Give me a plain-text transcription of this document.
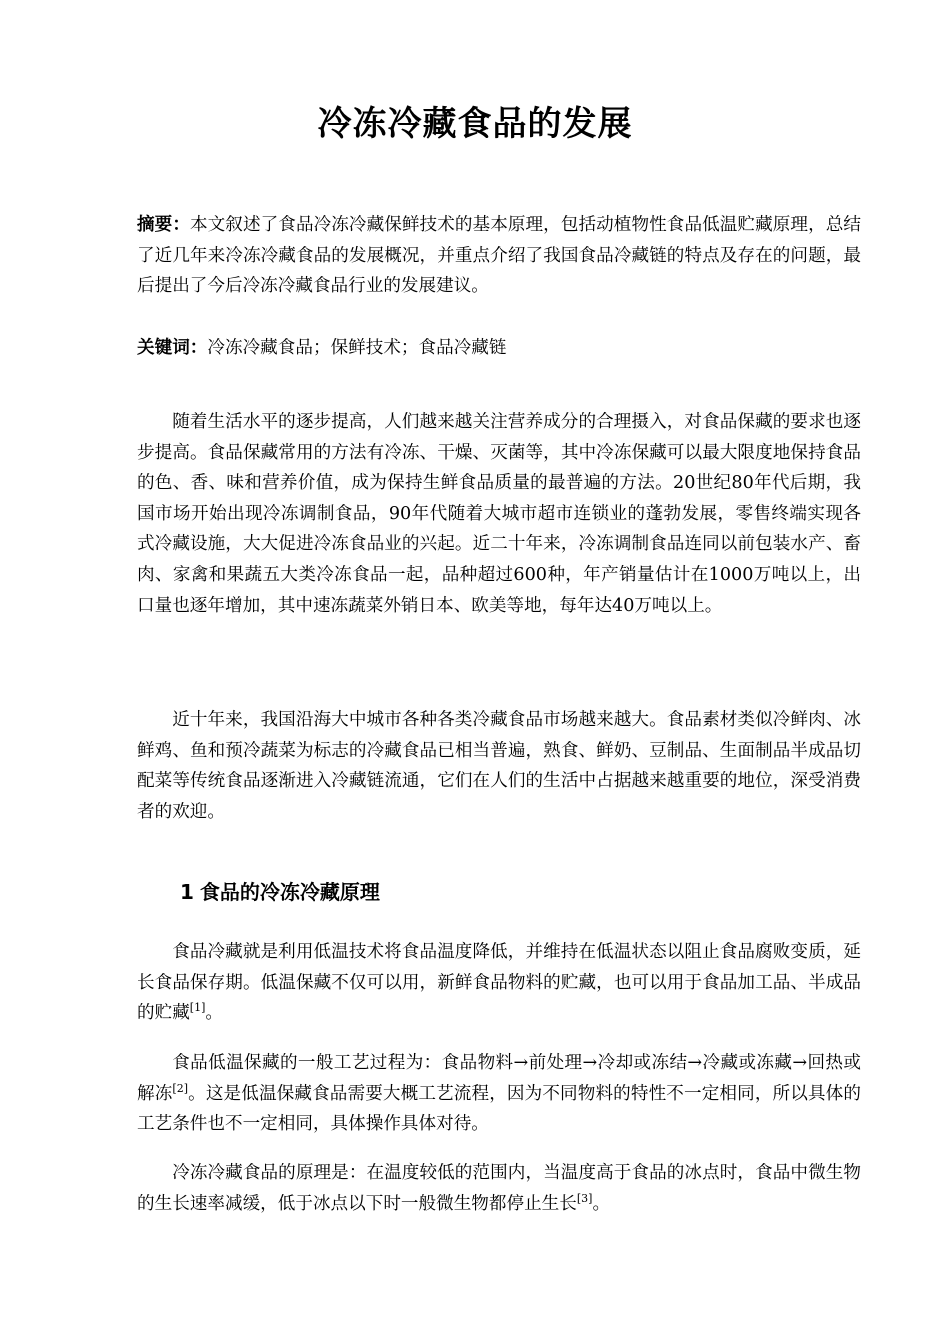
冷冻冷藏食品的发展

摘要：本文叙述了食品冷冻冷藏保鲜技术的基本原理，包括动植物性食品低温贮藏原理，总结了近几年来冷冻冷藏食品的发展概况，并重点介绍了我国食品冷藏链的特点及存在的问题，最后提出了今后冷冻冷藏食品行业的发展建议。

关键词：冷冻冷藏食品；保鲜技术；食品冷藏链

随着生活水平的逐步提高，人们越来越关注营养成分的合理摄入，对食品保藏的要求也逐步提高。食品保藏常用的方法有冷冻、干燥、灭菌等，其中冷冻保藏可以最大限度地保持食品的色、香、味和营养价值，成为保持生鲜食品质量的最普遍的方法。20世纪80年代后期，我国市场开始出现冷冻调制食品，90年代随着大城市超市连锁业的蓬勃发展，零售终端实现各式冷藏设施，大大促进冷冻食品业的兴起。近二十年来，冷冻调制食品连同以前包装水产、畜肉、家禽和果蔬五大类冷冻食品一起，品种超过600种，年产销量估计在1000万吨以上，出口量也逐年增加，其中速冻蔬菜外销日本、欧美等地，每年达40万吨以上。

近十年来，我国沿海大中城市各种各类冷藏食品市场越来越大。食品素材类似冷鲜肉、冰鲜鸡、鱼和预冷蔬菜为标志的冷藏食品已相当普遍，熟食、鲜奶、豆制品、生面制品半成品切配菜等传统食品逐渐进入冷藏链流通，它们在人们的生活中占据越来越重要的地位，深受消费者的欢迎。

1 食品的冷冻冷藏原理

食品冷藏就是利用低温技术将食品温度降低，并维持在低温状态以阻止食品腐败变质，延长食品保存期。低温保藏不仅可以用，新鲜食品物料的贮藏，也可以用于食品加工品、半成品的贮藏[1]。

食品低温保藏的一般工艺过程为：食品物料→前处理→冷却或冻结→冷藏或冻藏→回热或解冻[2]。这是低温保藏食品需要大概工艺流程，因为不同物料的特性不一定相同，所以具体的工艺条件也不一定相同，具体操作具体对待。

冷冻冷藏食品的原理是：在温度较低的范围内，当温度高于食品的冰点时，食品中微生物的生长速率减缓，低于冰点以下时一般微生物都停止生长[3]。
